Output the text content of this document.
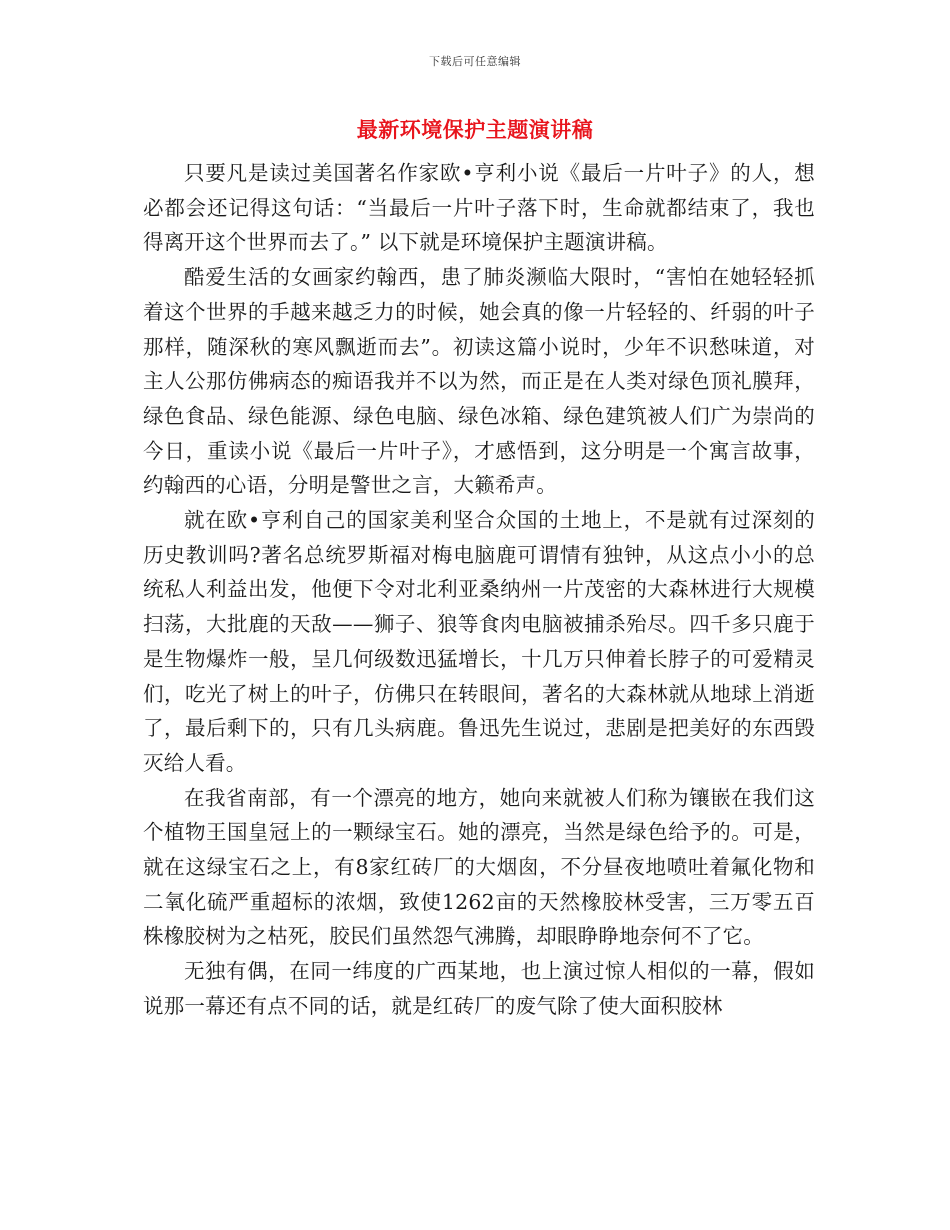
下载后可任意编辑
最新环境保护主题演讲稿

只要凡是读过美国著名作家欧•亨利小说《最后一片叶子》的人，想必都会还记得这句话：“当最后一片叶子落下时，生命就都结束了，我也得离开这个世界而去了。” 以下就是环境保护主题演讲稿。

酷爱生活的女画家约翰西，患了肺炎濒临大限时，“害怕在她轻轻抓着这个世界的手越来越乏力的时候，她会真的像一片轻轻的、纤弱的叶子那样，随深秋的寒风飘逝而去”。初读这篇小说时，少年不识愁味道，对主人公那仿佛病态的痴语我并不以为然，而正是在人类对绿色顶礼膜拜，绿色食品、绿色能源、绿色电脑、绿色冰箱、绿色建筑被人们广为崇尚的今日，重读小说《最后一片叶子》，才感悟到，这分明是一个寓言故事，约翰西的心语，分明是警世之言，大籁希声。

就在欧•亨利自己的国家美利坚合众国的土地上，不是就有过深刻的历史教训吗?著名总统罗斯福对梅电脑鹿可谓情有独钟，从这点小小的总统私人利益出发，他便下令对北利亚桑纳州一片茂密的大森林进行大规模扫荡，大批鹿的天敌——狮子、狼等食肉电脑被捕杀殆尽。四千多只鹿于是生物爆炸一般，呈几何级数迅猛增长，十几万只伸着长脖子的可爱精灵们，吃光了树上的叶子，仿佛只在转眼间，著名的大森林就从地球上消逝了，最后剩下的，只有几头病鹿。鲁迅先生说过，悲剧是把美好的东西毁灭给人看。

在我省南部，有一个漂亮的地方，她向来就被人们称为镶嵌在我们这个植物王国皇冠上的一颗绿宝石。她的漂亮，当然是绿色给予的。可是，就在这绿宝石之上，有8家红砖厂的大烟囱，不分昼夜地喷吐着氟化物和二氧化硫严重超标的浓烟，致使1262亩的天然橡胶林受害，三万零五百株橡胶树为之枯死，胶民们虽然怨气沸腾，却眼睁睁地奈何不了它。

无独有偶，在同一纬度的广西某地，也上演过惊人相似的一幕，假如说那一幕还有点不同的话，就是红砖厂的废气除了使大面积胶林
